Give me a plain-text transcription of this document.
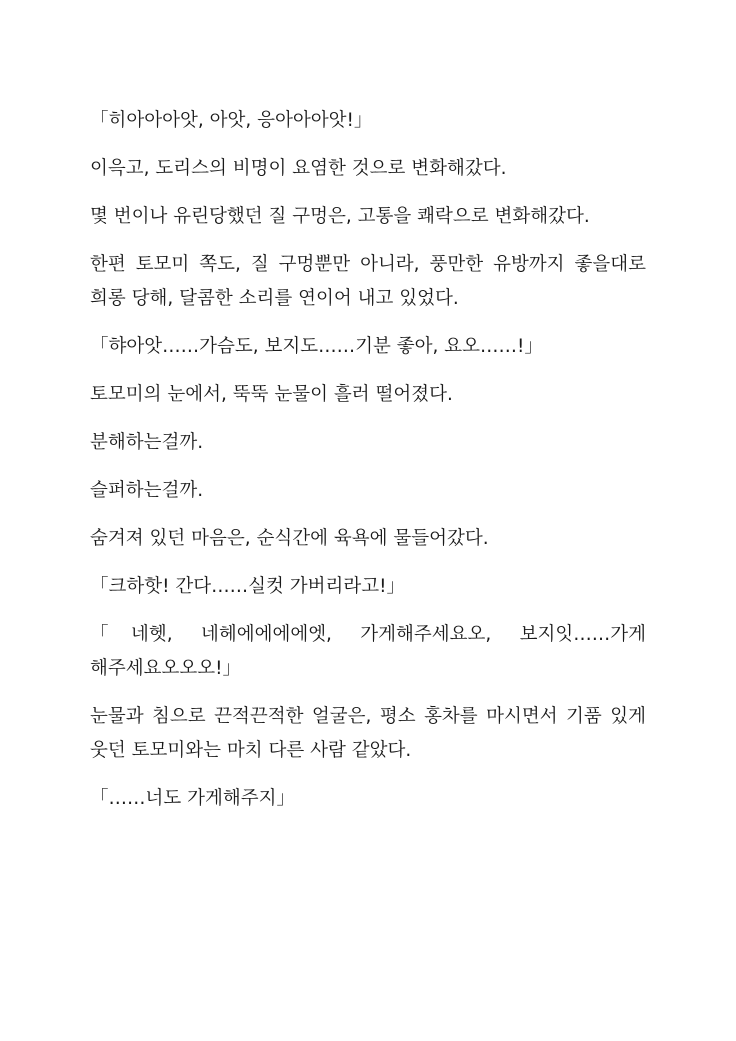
「히아아아앗, 아앗, 응아아아앗!」

이윽고, 도리스의 비명이 요염한 것으로 변화해갔다.

몇 번이나 유린당했던 질 구멍은, 고통을 쾌락으로 변화해갔다.

한편 토모미 쪽도, 질 구멍뿐만 아니라, 풍만한 유방까지 좋을대로 희롱 당해, 달콤한 소리를 연이어 내고 있었다.

「햐아앗……가슴도, 보지도……기분 좋아, 요오……!」

토모미의 눈에서, 뚝뚝 눈물이 흘러 떨어졌다.

분해하는걸까.

슬퍼하는걸까.

숨겨져 있던 마음은, 순식간에 육욕에 물들어갔다.

「크하핫! 간다……실컷 가버리라고!」

「네헷, 네헤에에에에엣, 가게해주세요오, 보지잇……가게 해주세요오오오!」

눈물과 침으로 끈적끈적한 얼굴은, 평소 홍차를 마시면서 기품 있게 웃던 토모미와는 마치 다른 사람 같았다.

「……너도 가게해주지」
